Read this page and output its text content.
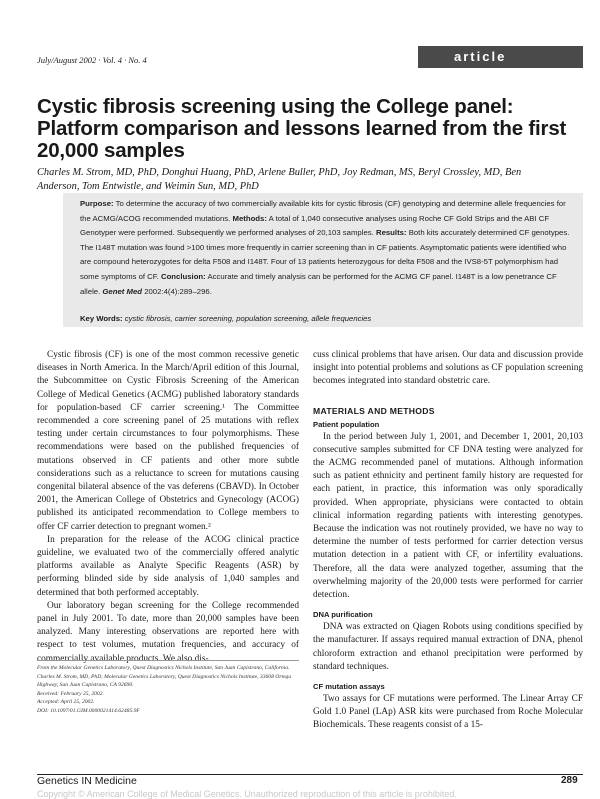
July/August 2002 · Vol. 4 · No. 4	article
Cystic fibrosis screening using the College panel: Platform comparison and lessons learned from the first 20,000 samples
Charles M. Strom, MD, PhD, Donghui Huang, PhD, Arlene Buller, PhD, Joy Redman, MS, Beryl Crossley, MD, Ben Anderson, Tom Entwistle, and Weimin Sun, MD, PhD
Purpose: To determine the accuracy of two commercially available kits for cystic fibrosis (CF) genotyping and determine allele frequencies for the ACMG/ACOG recommended mutations. Methods: A total of 1,040 consecutive analyses using Roche CF Gold Strips and the ABI CF Genotyper were performed. Subsequently we performed analyses of 20,103 samples. Results: Both kits accurately determined CF genotypes. The I148T mutation was found >100 times more frequently in carrier screening than in CF patients. Asymptomatic patients were identified who are compound heterozygotes for delta F508 and I148T. Four of 13 patients heterozygous for delta F508 and the IVS8-5T polymorphism had some symptoms of CF. Conclusion: Accurate and timely analysis can be performed for the ACMG CF panel. I148T is a low penetrance CF allele. Genet Med 2002:4(4):289–296.
Key Words: cystic fibrosis, carrier screening, population screening, allele frequencies

Cystic fibrosis (CF) is one of the most common recessive genetic diseases in North America. In the March/April edition of this Journal, the Subcommittee on Cystic Fibrosis Screening of the American College of Medical Genetics (ACMG) published laboratory standards for population-based CF carrier screening.¹ The Committee recommended a core screening panel of 25 mutations with reflex testing under certain circumstances to four polymorphisms. These recommendations were based on the published frequencies of mutations observed in CF patients and other more subtle considerations such as a reluctance to screen for mutations causing congenital bilateral absence of the vas deferens (CBAVD). In October 2001, the American College of Obstetrics and Gynecology (ACOG) published its anticipated recommendation to College members to offer CF carrier detection to pregnant women.²

In preparation for the release of the ACOG clinical practice guideline, we evaluated two of the commercially offered analytic platforms available as Analyte Specific Reagents (ASR) by performing blinded side by side analysis of 1,040 samples and determined that both performed acceptably.

Our laboratory began screening for the College recommended panel in July 2001. To date, more than 20,000 samples have been analyzed. Many interesting observations are reported here with respect to test volumes, mutation frequencies, and accuracy of commercially available products. We also dis-

From the Molecular Genetics Laboratory, Quest Diagnostics Nichols Institute, San Juan Capistrano, California.
Charles M. Strom, MD, PhD, Molecular Genetics Laboratory, Quest Diagnostics Nichols Institute, 33608 Ortega Highway, San Juan Capistrano, CA 92690.
Received: February 25, 2002.
Accepted: April 25, 2002.
DOI: 10.1097/01.GIM.0000021414.62485.9F

cuss clinical problems that have arisen. Our data and discussion provide insight into potential problems and solutions as CF population screening becomes integrated into standard obstetric care.

MATERIALS AND METHODS
Patient population

In the period between July 1, 2001, and December 1, 2001, 20,103 consecutive samples submitted for CF DNA testing were analyzed for the ACMG recommended panel of mutations. Although information such as patient ethnicity and pertinent family history are requested for each patient, in practice, this information was only sporadically provided. When appropriate, physicians were contacted to obtain clinical information regarding patients with interesting genotypes. Because the indication was not routinely provided, we have no way to determine the number of tests performed for carrier detection versus mutation detection in a patient with CF, or infertility evaluations. Therefore, all the data were analyzed together, assuming that the overwhelming majority of the 20,000 tests were performed for carrier detection.

DNA purification

DNA was extracted on Qiagen Robots using conditions specified by the manufacturer. If assays required manual extraction of DNA, phenol chloroform extraction and ethanol precipitation were performed by standard techniques.

CF mutation assays

Two assays for CF mutations were performed. The Linear Array CF Gold 1.0 Panel (LAp) ASR kits were purchased from Roche Molecular Biochemicals. These reagents consist of a 15-

Genetics IN Medicine	289
Copyright © American College of Medical Genetics. Unauthorized reproduction of this article is prohibited.
